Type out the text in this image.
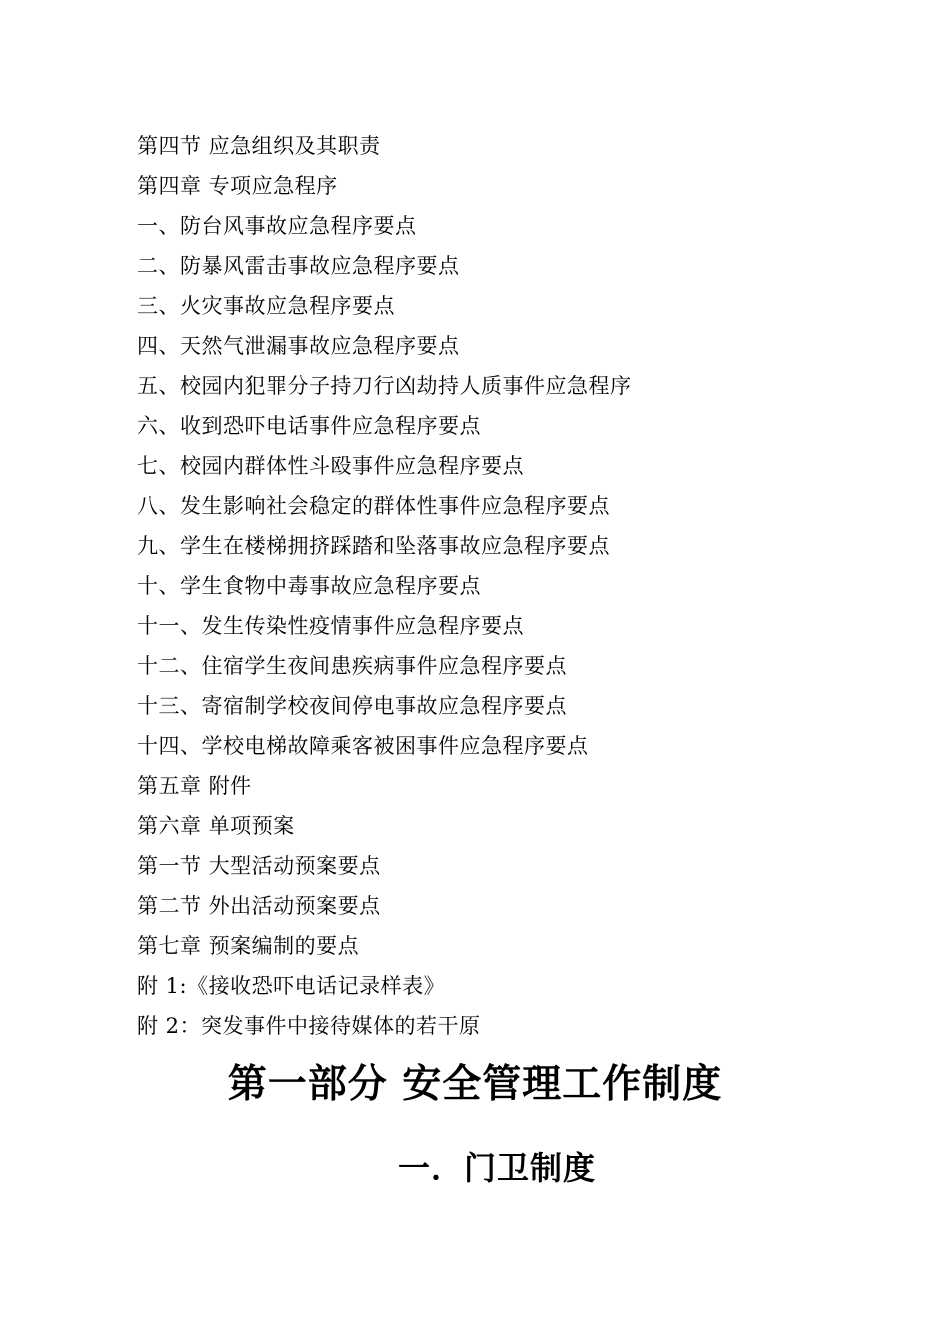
第四节 应急组织及其职责
第四章 专项应急程序
一、防台风事故应急程序要点
二、防暴风雷击事故应急程序要点
三、火灾事故应急程序要点
四、天然气泄漏事故应急程序要点
五、校园内犯罪分子持刀行凶劫持人质事件应急程序
六、收到恐吓电话事件应急程序要点
七、校园内群体性斗殴事件应急程序要点
八、发生影响社会稳定的群体性事件应急程序要点
九、学生在楼梯拥挤踩踏和坠落事故应急程序要点
十、学生食物中毒事故应急程序要点
十一、发生传染性疫情事件应急程序要点
十二、住宿学生夜间患疾病事件应急程序要点
十三、寄宿制学校夜间停电事故应急程序要点
十四、学校电梯故障乘客被困事件应急程序要点
第五章 附件
第六章 单项预案
第一节 大型活动预案要点
第二节 外出活动预案要点
第七章 预案编制的要点
附 1:《接收恐吓电话记录样表》
附 2：突发事件中接待媒体的若干原
第一部分 安全管理工作制度
一．门卫制度
